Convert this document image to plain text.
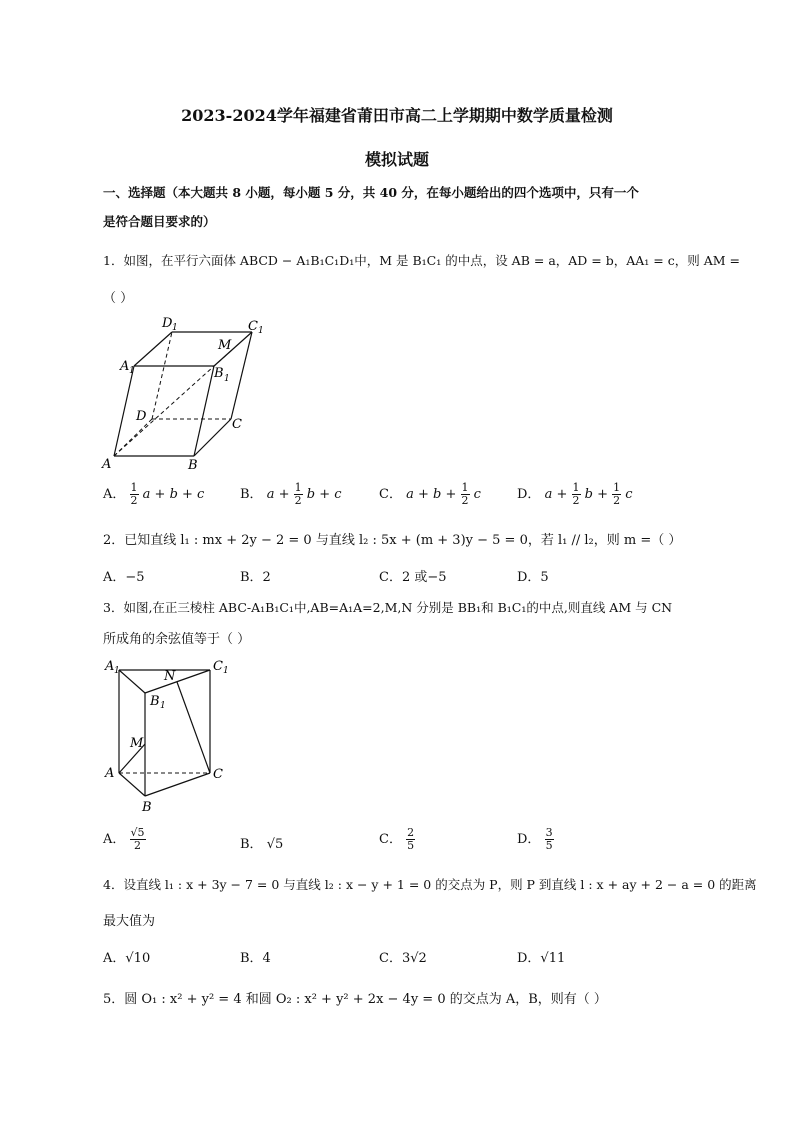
2023-2024学年福建省莆田市高二上学期期中数学质量检测
模拟试题
一、选择题（本大题共 8 小题，每小题 5 分，共 40 分，在每小题给出的四个选项中，只有一个
是符合题目要求的）
1．如图，在平行六面体 ABCD − A₁B₁C₁D₁中，M 是 B₁C₁ 的中点，设 AB = a，AD = b，AA₁ = c，则 AM =
（ ）
A	B
C
D
A 1	B 1
C 1
D 1
M
A． $\frac{1}{2}$ a + b + c	B． $a + \frac{1}{2}$ b + c	C． $a + b + \frac{1}{2}$ c	D． $a + \frac{1}{2}$ $b + \frac{1}{2}$ c
2．已知直线 l₁ : mx + 2y − 2 = 0 与直线 l₂ : 5x + (m + 3)y − 5 = 0，若 l₁ // l₂，则 m =（ ）
A．−5	B．2	C．2 或−5	D．5
3．如图,在正三棱柱 ABC-A₁B₁C₁中,AB=A₁A=2,M,N 分别是 BB₁和 B₁C₁的中点,则直线 AM 与 CN
所成角的余弦值等于（ ）
A 1	C 1
N
B 1
M
A	C
B
A． $\frac{√5}{2}$	B． √5	C． $\frac{2}{5}$	D． $\frac{3}{5}$
4．设直线 l₁ : x + 3y − 7 = 0 与直线 l₂ : x − y + 1 = 0 的交点为 P，则 P 到直线 l : x + ay + 2 − a = 0 的距离
最大值为
A．√10	B．4	C．3√2	D．√11
5．圆 O₁ : x² + y² = 4 和圆 O₂ : x² + y² + 2x − 4y = 0 的交点为 A，B，则有（ ）
